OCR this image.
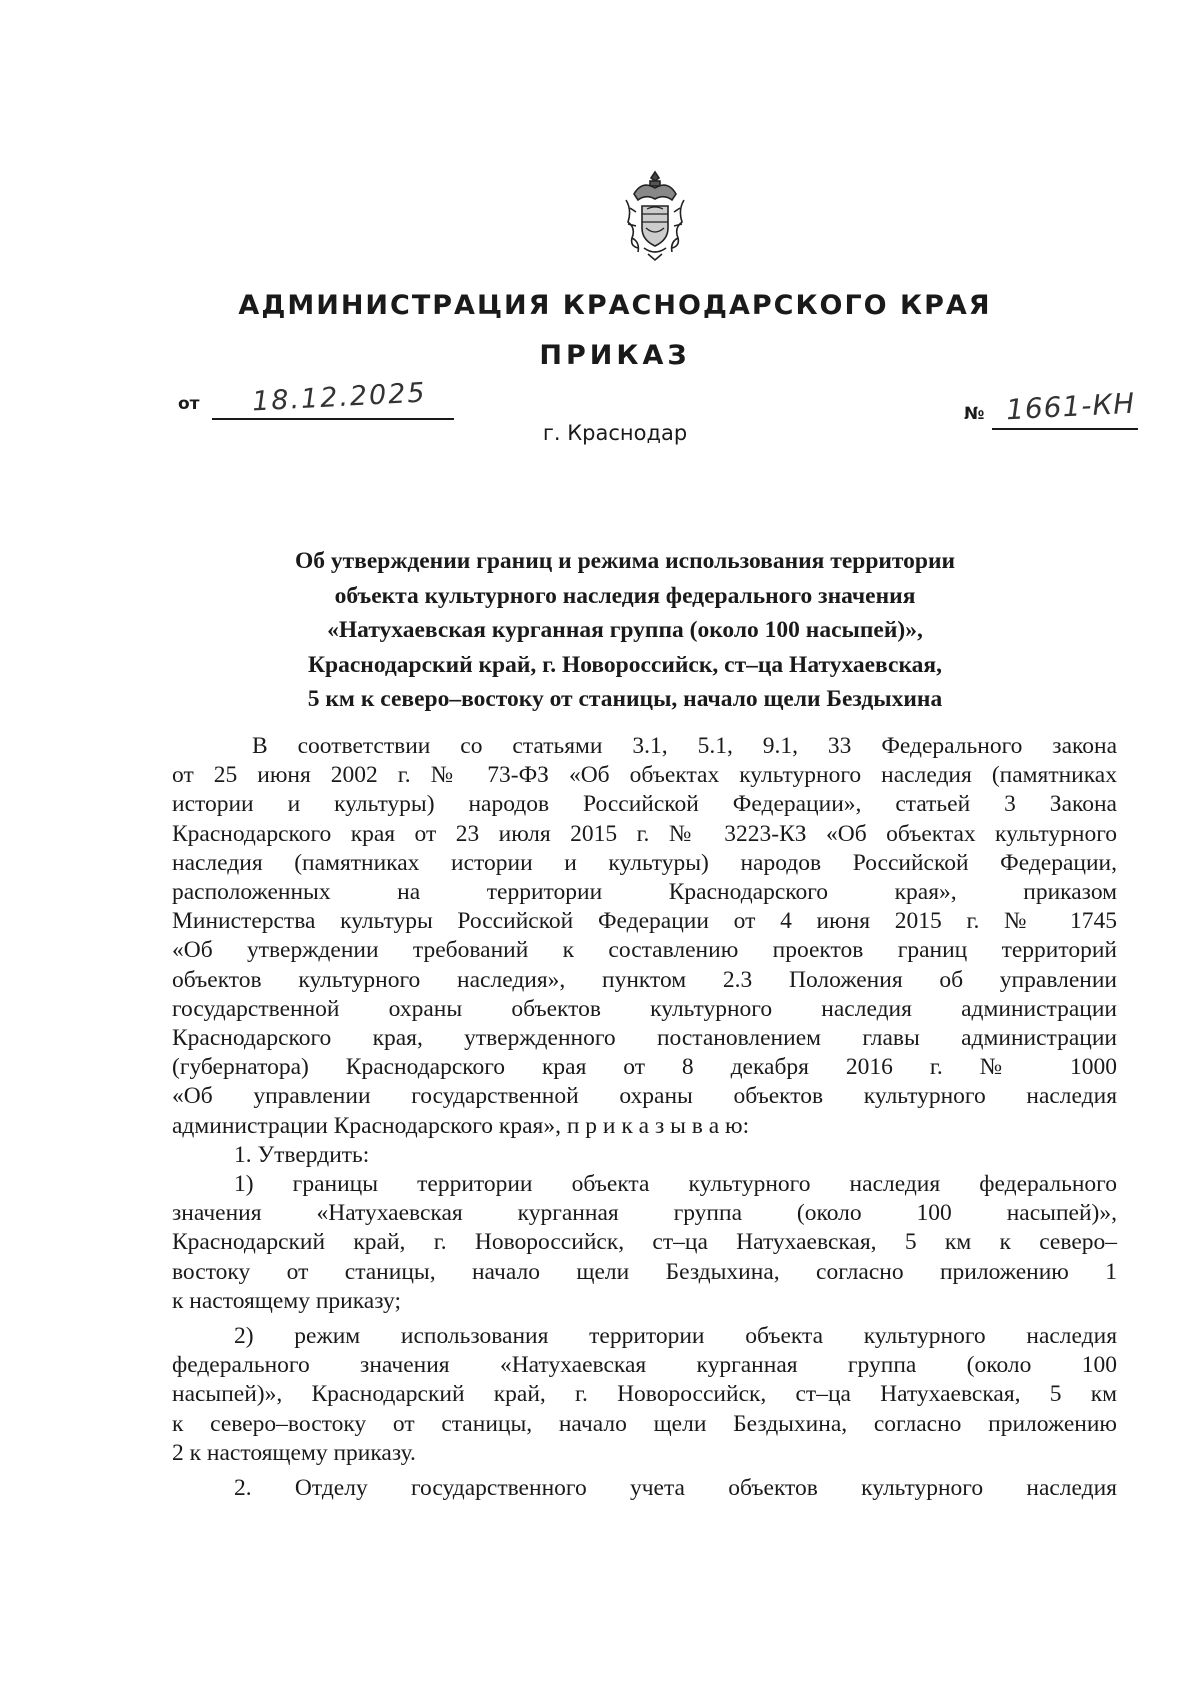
АДМИНИСТРАЦИЯ КРАСНОДАРСКОГО КРАЯ
ПРИКАЗ
от 18.12.2025	№ 1661-КН
г. Краснодар
Об утверждении границ и режима использования территории
объекта культурного наследия федерального значения
«Натухаевская курганная группа (около 100 насыпей)»,
Краснодарский край, г. Новороссийск, ст–ца Натухаевская,
5 км к северо–востоку от станицы, начало щели Бездыхина
В соответствии со статьями 3.1, 5.1, 9.1, 33 Федерального закона
от 25 июня 2002 г. № 73-ФЗ «Об объектах культурного наследия (памятниках
истории и культуры) народов Российской Федерации», статьей 3 Закона
Краснодарского края от 23 июля 2015 г. № 3223-КЗ «Об объектах культурного
наследия (памятниках истории и культуры) народов Российской Федерации,
расположенных на территории Краснодарского края», приказом
Министерства культуры Российской Федерации от 4 июня 2015 г. № 1745
«Об утверждении требований к составлению проектов границ территорий
объектов культурного наследия», пунктом 2.3 Положения об управлении
государственной охраны объектов культурного наследия администрации
Краснодарского края, утвержденного постановлением главы администрации
(губернатора) Краснодарского края от 8 декабря 2016 г. № 1000
«Об управлении государственной охраны объектов культурного наследия
администрации Краснодарского края», п р и к а з ы в а ю:
1. Утвердить:
1) границы территории объекта культурного наследия федерального
значения «Натухаевская курганная группа (около 100 насыпей)»,
Краснодарский край, г. Новороссийск, ст–ца Натухаевская, 5 км к северо–
востоку от станицы, начало щели Бездыхина, согласно приложению 1
к настоящему приказу;
2) режим использования территории объекта культурного наследия
федерального значения «Натухаевская курганная группа (около 100
насыпей)», Краснодарский край, г. Новороссийск, ст–ца Натухаевская, 5 км
к северо–востоку от станицы, начало щели Бездыхина, согласно приложению
2 к настоящему приказу.
2. Отделу государственного учета объектов культурного наследия
